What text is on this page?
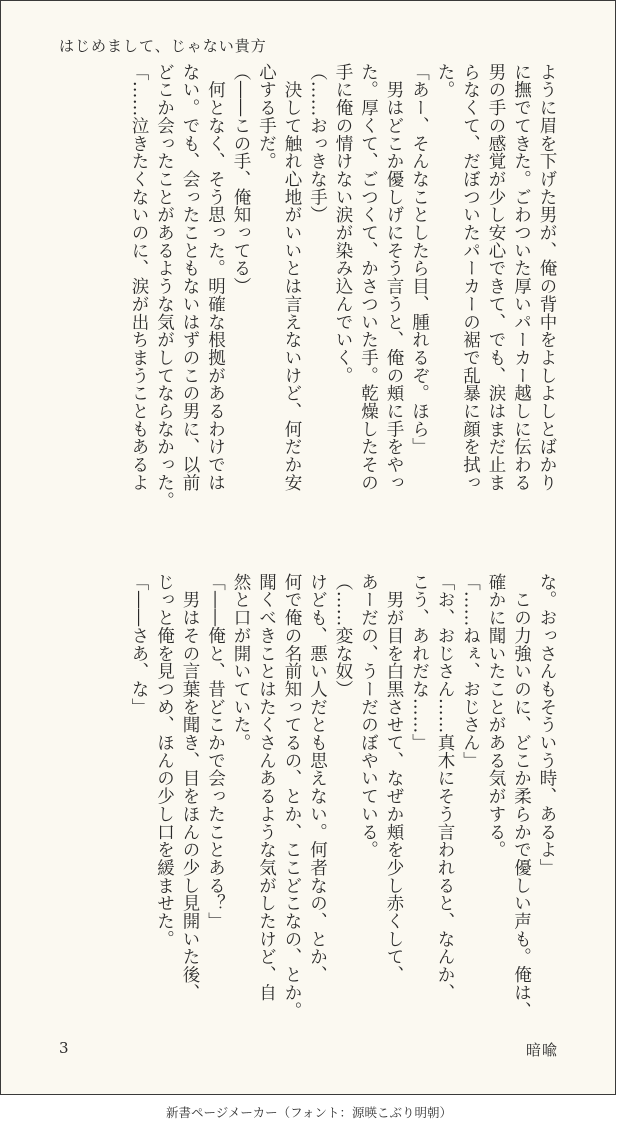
はじめまして、じゃない貴方

ように眉を下げた男が、俺の背中をよしよしとばかり

に撫でてきた。ごわついた厚いパーカー越しに伝わる

男の手の感覚が少し安心できて、でも、涙はまだ止ま

らなくて、だぼついたパーカーの裾で乱暴に顔を拭っ

た。

「あー、そんなことしたら目、腫れるぞ。ほら」

　男はどこか優しげにそう言うと、俺の頬に手をやっ

た。厚くて、ごつくて、かさついた手。乾燥したその

手に俺の情けない涙が染み込んでいく。

（……おっきな手）

　決して触れ心地がいいとは言えないけど、何だか安

心する手だ。

（――この手、俺知ってる）

　何となく、そう思った。明確な根拠があるわけでは

ない。でも、会ったこともないはずのこの男に、以前

どこか会ったことがあるような気がしてならなかった。

「……泣きたくないのに、涙が出ちまうこともあるよ

な。おっさんもそういう時、あるよ」

　この力強いのに、どこか柔らかで優しい声も。俺は、

確かに聞いたことがある気がする。

「……ねぇ、おじさん」

「お、おじさん……真木にそう言われると、なんか、

こう、あれだな……」

　男が目を白黒させて、なぜか頬を少し赤くして、

あーだの、うーだのぼやいている。

（……変な奴）

けども、悪い人だとも思えない。何者なの、とか、

何で俺の名前知ってるの、とか、ここどこなの、とか。

聞くべきことはたくさんあるような気がしたけど、自

然と口が開いていた。

「――俺と、昔どこかで会ったことある？」

　男はその言葉を聞き、目をほんの少し見開いた後、

じっと俺を見つめ、ほんの少し口を緩ませた。

「――さあ、な」

3	暗喩
新書ページメーカー（フォント：源暎こぶり明朝）
